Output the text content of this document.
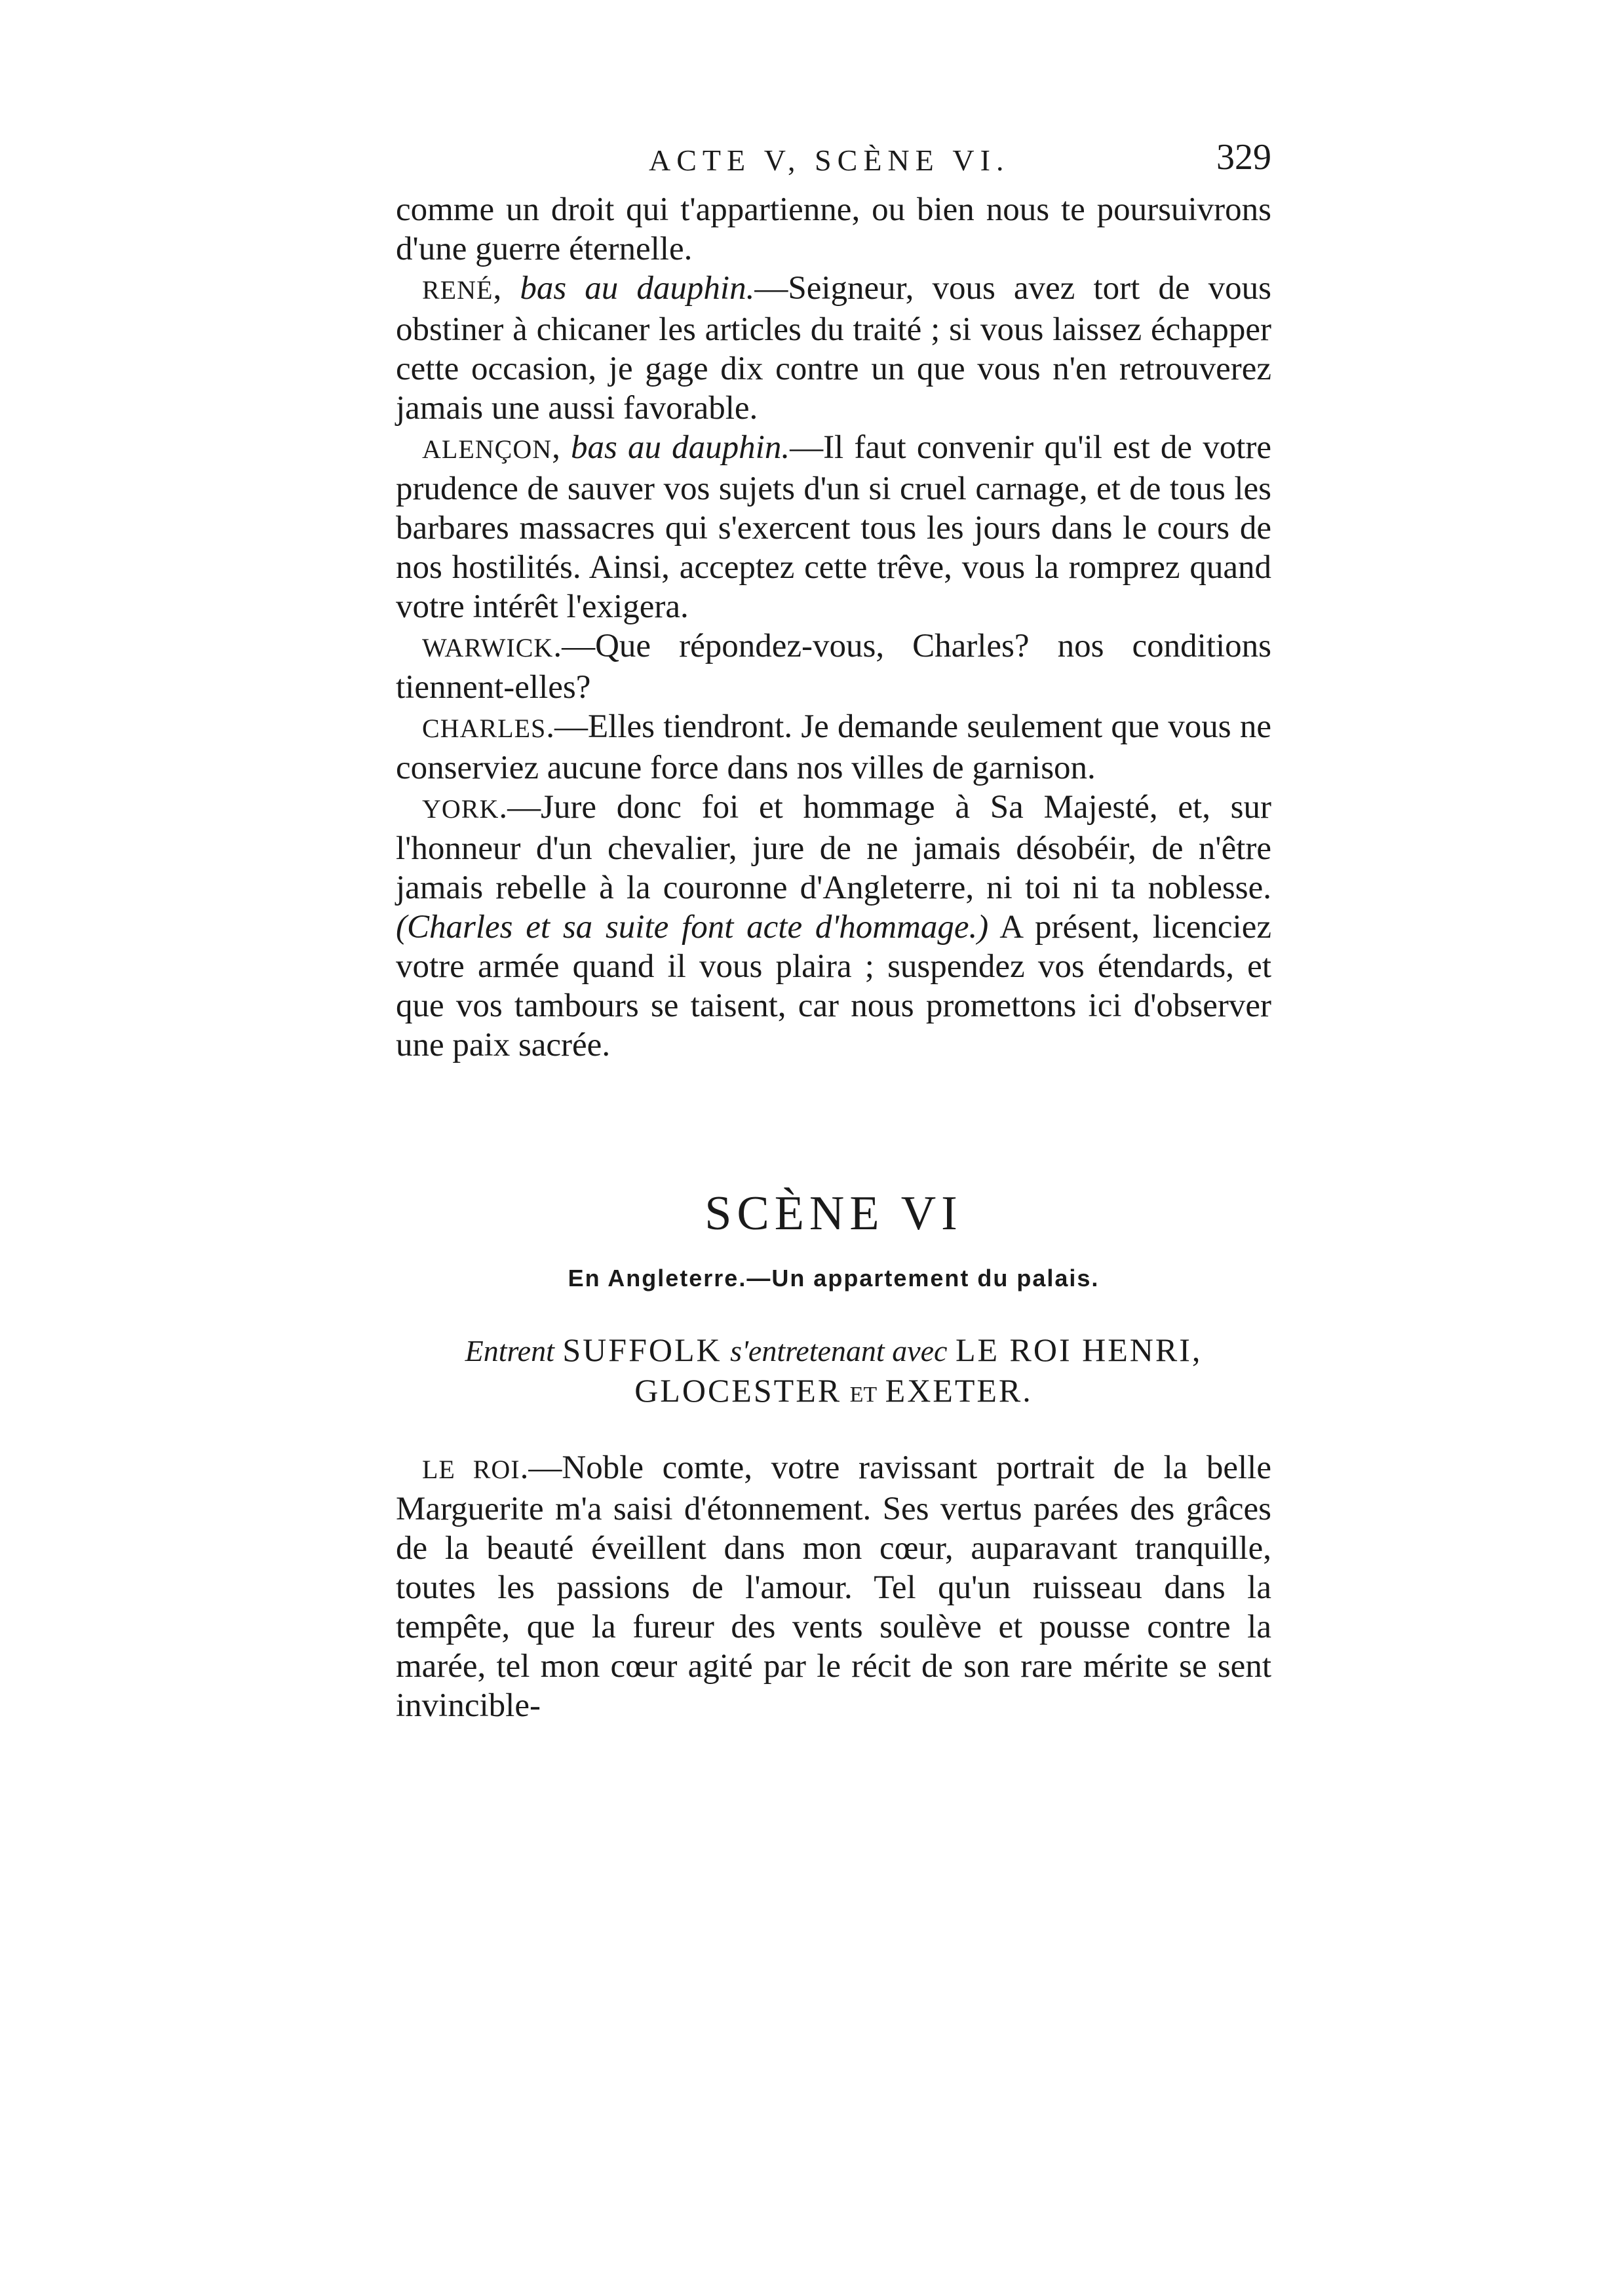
ACTE V, SCÈNE VI.	329

comme un droit qui t'appartienne, ou bien nous te poursuivrons d'une guerre éternelle.

RENÉ, bas au dauphin.—Seigneur, vous avez tort de vous obstiner à chicaner les articles du traité ; si vous laissez échapper cette occasion, je gage dix contre un que vous n'en retrouverez jamais une aussi favorable.

ALENÇON, bas au dauphin.—Il faut convenir qu'il est de votre prudence de sauver vos sujets d'un si cruel carnage, et de tous les barbares massacres qui s'exercent tous les jours dans le cours de nos hostilités. Ainsi, acceptez cette trêve, vous la romprez quand votre intérêt l'exigera.

WARWICK.—Que répondez-vous, Charles? nos conditions tiennent-elles?

CHARLES.—Elles tiendront. Je demande seulement que vous ne conserviez aucune force dans nos villes de garnison.

YORK.—Jure donc foi et hommage à Sa Majesté, et, sur l'honneur d'un chevalier, jure de ne jamais désobéir, de n'être jamais rebelle à la couronne d'Angleterre, ni toi ni ta noblesse. (Charles et sa suite font acte d'hommage.) A présent, licenciez votre armée quand il vous plaira ; suspendez vos étendards, et que vos tambours se taisent, car nous promettons ici d'observer une paix sacrée.

SCÈNE VI
En Angleterre.—Un appartement du palais.
Entrent SUFFOLK s'entretenant avec LE ROI HENRI,
GLOCESTER ET EXETER.

LE ROI.—Noble comte, votre ravissant portrait de la belle Marguerite m'a saisi d'étonnement. Ses vertus parées des grâces de la beauté éveillent dans mon cœur, auparavant tranquille, toutes les passions de l'amour. Tel qu'un ruisseau dans la tempête, que la fureur des vents soulève et pousse contre la marée, tel mon cœur agité par le récit de son rare mérite se sent invincible-
